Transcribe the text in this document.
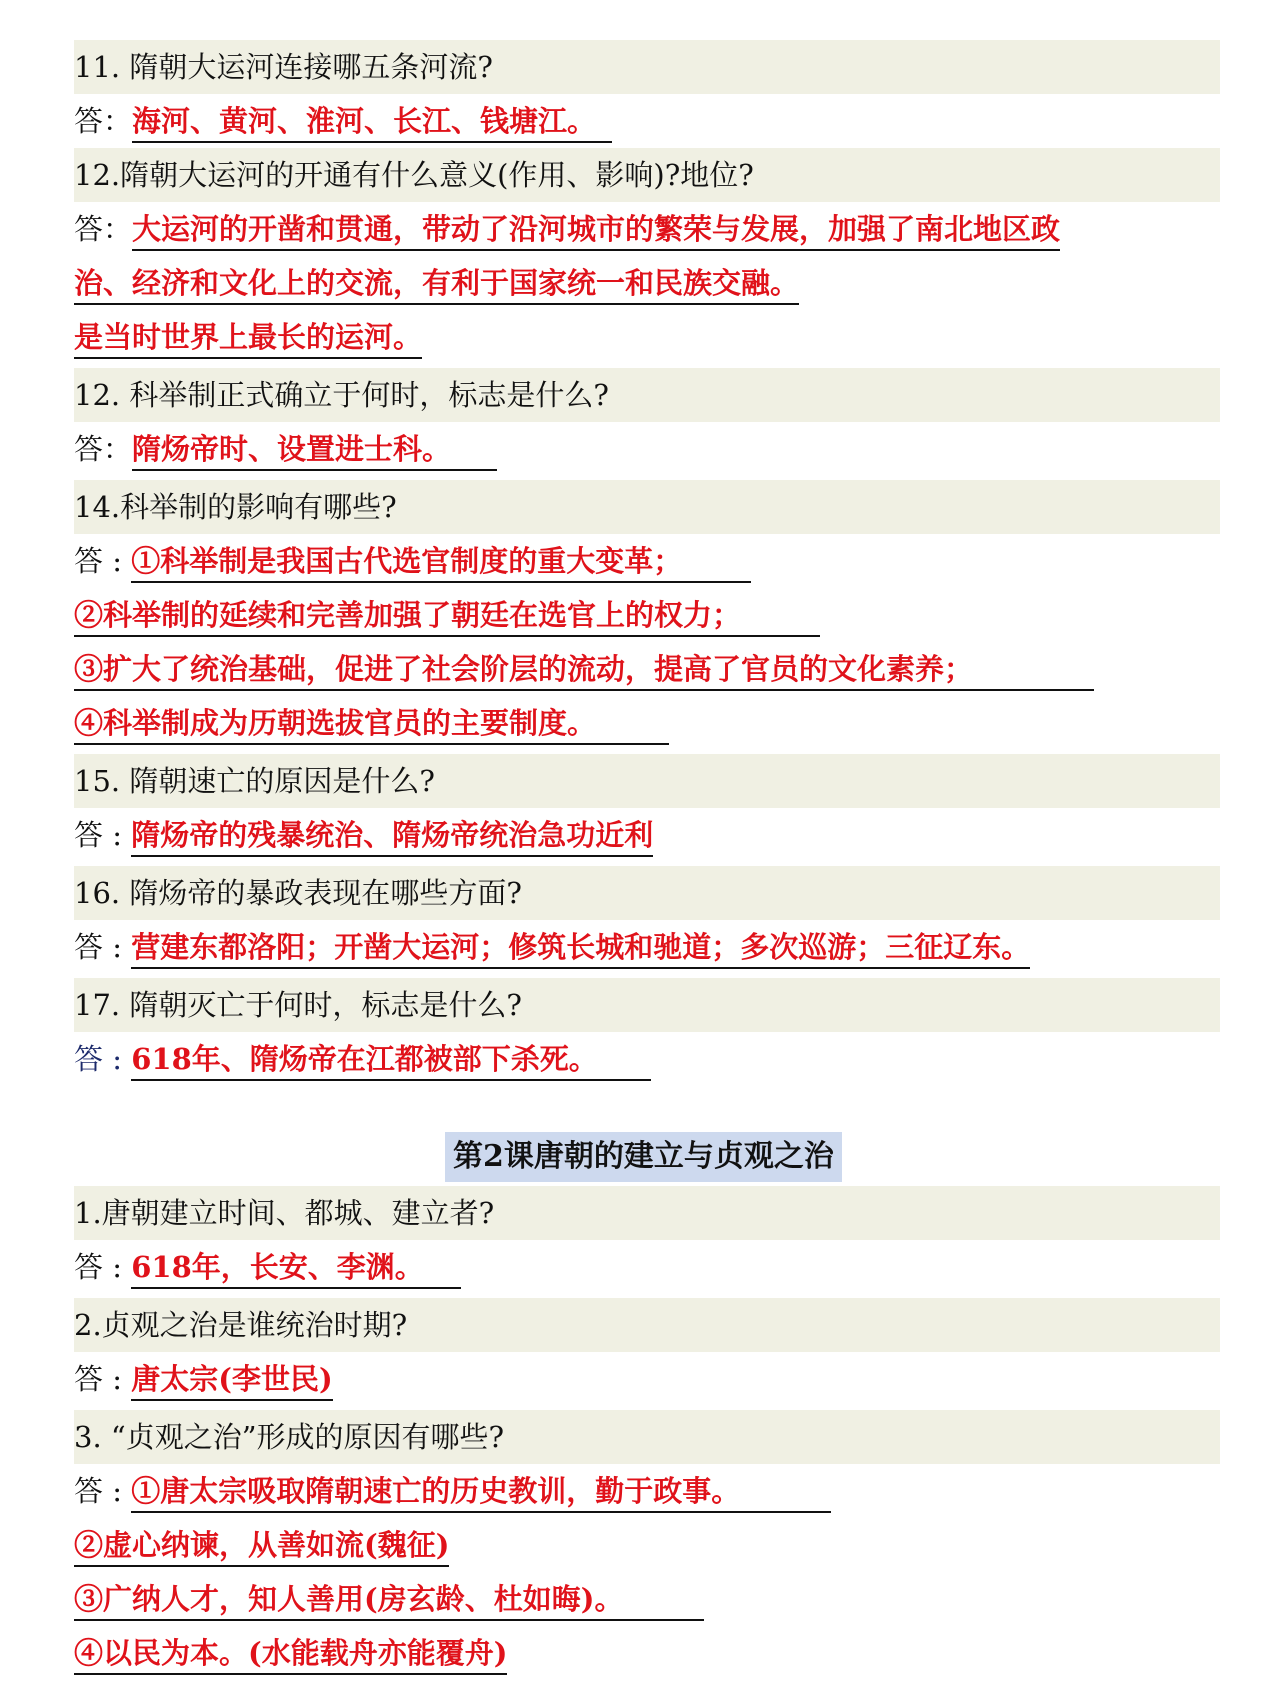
11. 隋朝大运河连接哪五条河流?
答：海河、黄河、淮河、长江、钱塘江。
12.隋朝大运河的开通有什么意义(作用、影响)?地位?
答：大运河的开凿和贯通，带动了沿河城市的繁荣与发展，加强了南北地区政
治、经济和文化上的交流，有利于国家统一和民族交融。
是当时世界上最长的运河。
12. 科举制正式确立于何时，标志是什么?
答：隋炀帝时、设置进士科。
14.科举制的影响有哪些?
答 : ①科举制是我国古代选官制度的重大变革；
②科举制的延续和完善加强了朝廷在选官上的权力；
③扩大了统治基础，促进了社会阶层的流动，提高了官员的文化素养；
④科举制成为历朝选拔官员的主要制度。
15. 隋朝速亡的原因是什么?
答 : 隋炀帝的残暴统治、隋炀帝统治急功近利
16. 隋炀帝的暴政表现在哪些方面?
答 : 营建东都洛阳；开凿大运河；修筑长城和驰道；多次巡游；三征辽东。
17. 隋朝灭亡于何时，标志是什么?
答 : 618年、隋炀帝在江都被部下杀死。
第2课唐朝的建立与贞观之治
1.唐朝建立时间、都城、建立者?
答 : 618年，长安、李渊。
2.贞观之治是谁统治时期?
答 : 唐太宗(李世民)
3. “贞观之治”形成的原因有哪些?
答 : ①唐太宗吸取隋朝速亡的历史教训，勤于政事。
②虚心纳谏，从善如流(魏征)
③广纳人才，知人善用(房玄龄、杜如晦)。
④以民为本。(水能载舟亦能覆舟)
